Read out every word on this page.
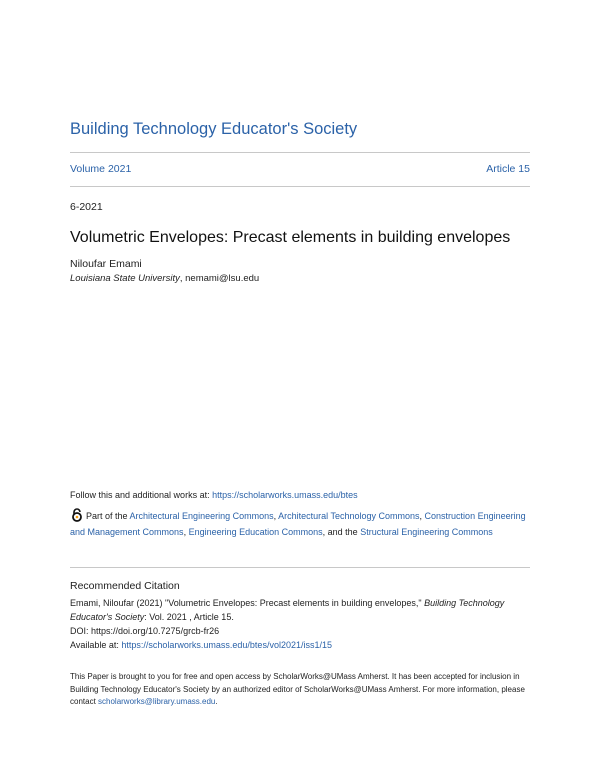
Building Technology Educator's Society
Volume 2021	Article 15
6-2021
Volumetric Envelopes: Precast elements in building envelopes
Niloufar Emami
Louisiana State University, nemami@lsu.edu
Follow this and additional works at: https://scholarworks.umass.edu/btes
Part of the Architectural Engineering Commons, Architectural Technology Commons, Construction Engineering and Management Commons, Engineering Education Commons, and the Structural Engineering Commons
Recommended Citation
Emami, Niloufar (2021) "Volumetric Envelopes: Precast elements in building envelopes," Building Technology Educator's Society: Vol. 2021 , Article 15.
DOI: https://doi.org/10.7275/grcb-fr26
Available at: https://scholarworks.umass.edu/btes/vol2021/iss1/15
This Paper is brought to you for free and open access by ScholarWorks@UMass Amherst. It has been accepted for inclusion in Building Technology Educator's Society by an authorized editor of ScholarWorks@UMass Amherst. For more information, please contact scholarworks@library.umass.edu.
